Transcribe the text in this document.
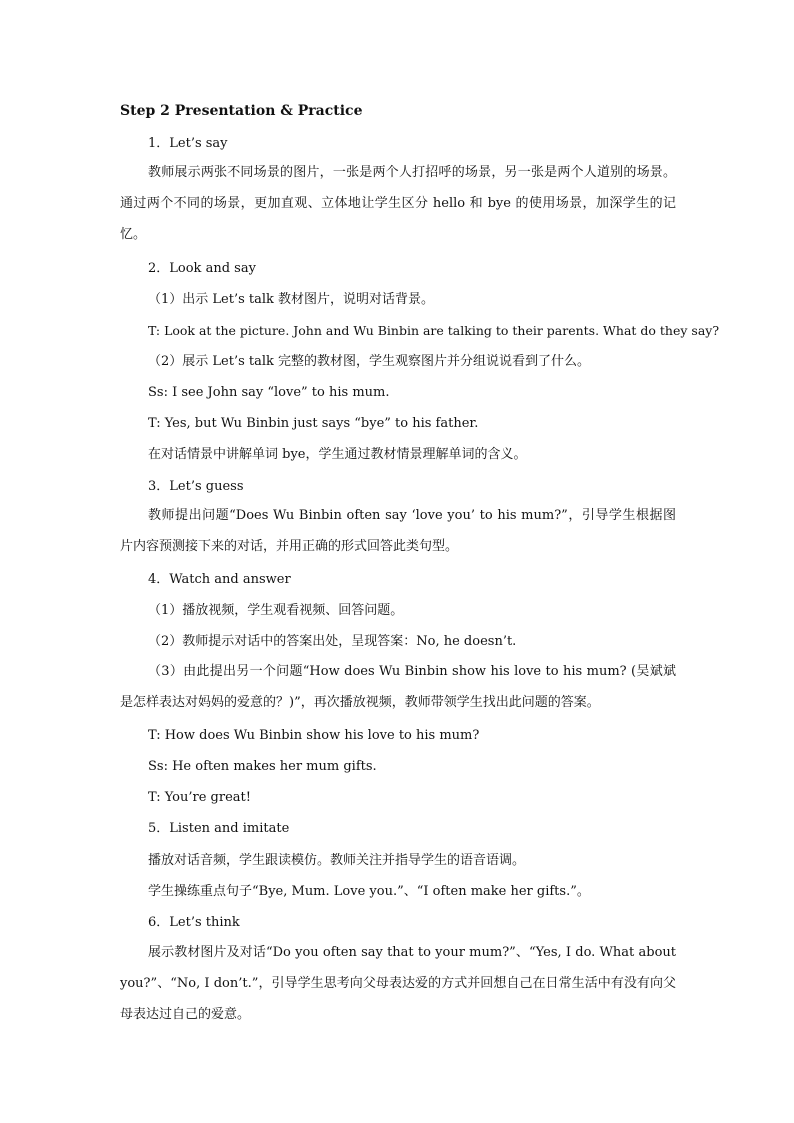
Step 2 Presentation & Practice
1．Let’s say
教师展示两张不同场景的图片，一张是两个人打招呼的场景，另一张是两个人道别的场景。通过两个不同的场景，更加直观、立体地让学生区分 hello 和 bye 的使用场景，加深学生的记忆。
2．Look and say
（1）出示 Let’s talk 教材图片，说明对话背景。
T: Look at the picture. John and Wu Binbin are talking to their parents. What do they say?
（2）展示 Let’s talk 完整的教材图，学生观察图片并分组说说看到了什么。
Ss: I see John say “love” to his mum.
T: Yes, but Wu Binbin just says “bye” to his father.
在对话情景中讲解单词 bye，学生通过教材情景理解单词的含义。
3．Let’s guess
教师提出问题“Does Wu Binbin often say ‘love you’ to his mum?”，引导学生根据图片内容预测接下来的对话，并用正确的形式回答此类句型。
4．Watch and answer
（1）播放视频，学生观看视频、回答问题。
（2）教师提示对话中的答案出处，呈现答案：No, he doesn’t.
（3）由此提出另一个问题“How does Wu Binbin show his love to his mum? (吴斌斌是怎样表达对妈妈的爱意的？)”，再次播放视频，教师带领学生找出此问题的答案。
T: How does Wu Binbin show his love to his mum?
Ss: He often makes her mum gifts.
T: You’re great!
5．Listen and imitate
播放对话音频，学生跟读模仿。教师关注并指导学生的语音语调。
学生操练重点句子“Bye, Mum. Love you.”、“I often make her gifts.”。
6．Let’s think
展示教材图片及对话“Do you often say that to your mum?”、“Yes, I do. What about you?”、“No, I don’t.”，引导学生思考向父母表达爱的方式并回想自己在日常生活中有没有向父母表达过自己的爱意。
